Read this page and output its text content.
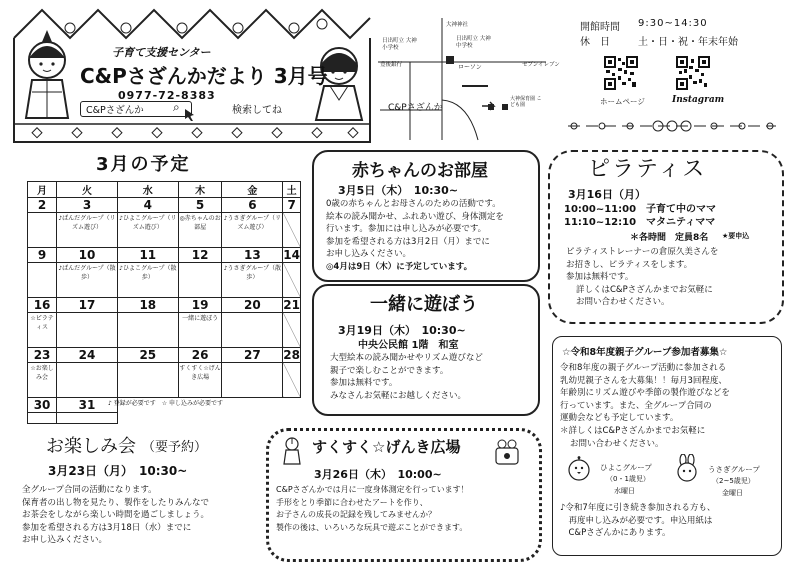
子育て支援センター
C&Pさざんかだより 3月号
0977-72-8383
C&Pさざんか ⌕	検索してね
日出町立 大神小学校
大神神社
日出町立 大神中学校
豊後銀行	ローソン	セブンイレブン
C&Pさざんか
大神保育園 こども園
開館時間 9:30~14:30
休　日	土・日・祝・年末年始
ホームページ	Instagram
3月の予定
月	火	水	木	金	土
2	3	4	5	6	7
	♪ぱんだグループ（リズム遊び）	♪ひよこグループ（リズム遊び）	◎赤ちゃんのお部屋	♪うさぎグループ（リズム遊び）	
9	10	11	12	13	14
	♪ぱんだグループ（散歩）	♪ひよこグループ（散歩）		♪うさぎグループ（散歩）	
16	17	18	19	20	21
☆ピラティス			一緒に遊ぼう		
23	24	25	26	27	28
☆お楽しみ会			すくすく☆げんき広場		
30	31				
	♪ 登録が必要です　☆ 申し込みが必要です
赤ちゃんのお部屋
3月5日（木）　10:30~
0歳の赤ちゃんとお母さんのための活動です。
絵本の読み聞かせ、ふれあい遊び、身体測定を
行います。参加には申し込みが必要です。
参加を希望される方は3月2日（月）までに
お申し込みください。
◎4月は9日（木）に予定しています。
一緒に遊ぼう
3月19日（木）　10:30~
中央公民館 1階　和室
大型絵本の読み聞かせやリズム遊びなど
親子で楽しむことができます。
参加は無料です。
みなさんお気軽にお越しください。
ピラティス
3月16日（月）
10:00~11:00　子育て中のママ
11:10~12:10　マタニティママ
＊各時間　定員8名 ★要申込
ピラティストレーナーの倉原久美さんを
お招きし、ピラティスをします。
参加は無料です。
詳しくはC&Pさざんかまでお気軽に
お問い合わせください。
☆令和8年度親子グループ参加者募集☆
令和8年度の親子グループ活動に参加される
乳幼児親子さんを大募集！！毎月3回程度、
年齢別にリズム遊びや季節の製作遊びなどを
行っています。また、全グループ合同の
運動会なども予定しています。
＊詳しくはC&Pさざんかまでお気軽に
お問い合わせください。
ひよこグループ
（0・1歳児）
水曜日
うさぎグループ
（2~5歳児）
金曜日
♪令和7年度に引き続き参加される方も、
　再度申し込みが必要です。申込用紙は
　C&Pさざんかにあります。
お楽しみ会 （要予約）
3月23日（月）　10:30~
全グループ合同の活動になります。
保育者の出し物を見たり、製作をしたりみんなで
お茶会をしながら楽しい時間を過ごしましょう。
参加を希望される方は3月18日（水）までに
お申し込みください。
すくすく☆げんき広場
3月26日（木）　10:00~
C&Pさざんかでは月に一度身体測定を行っています！
手形をとり季節に合わせたアートを作り、
お子さんの成長の記録を残してみませんか？
製作の後は、いろいろな玩具で遊ぶことができます。
